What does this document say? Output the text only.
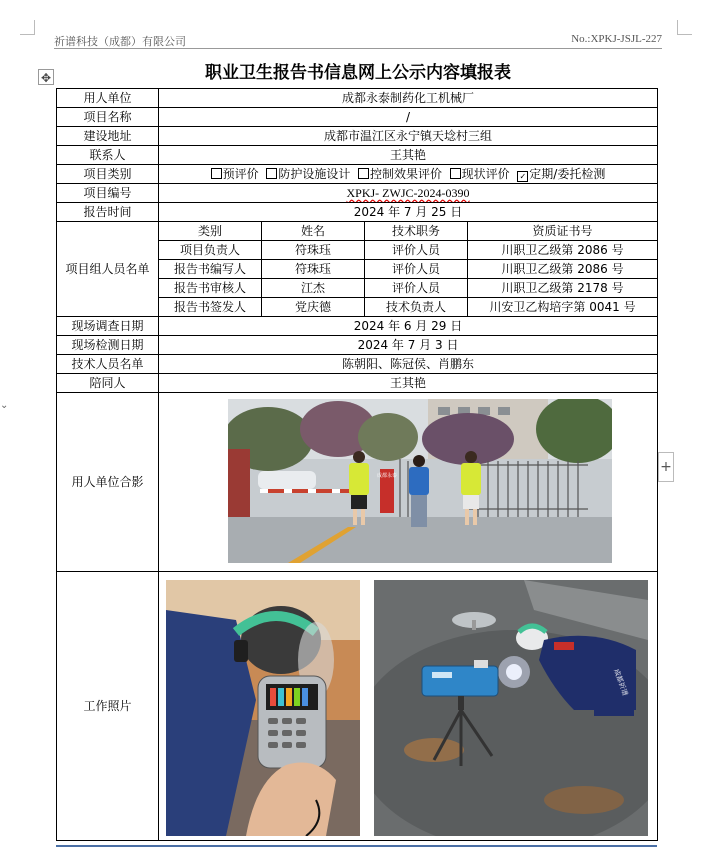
祈谱科技（成都）有限公司	No.:XPKJ-JSJL-227
⌄
职业卫生报告书信息网上公示内容填报表
✥
+
用人单位	成都永泰制药化工机械厂			
项目名称	/			
建设地址	成都市温江区永宁镇天埝村三组			
联系人	王其艳			
项目类别	预评价 防护设施设计 控制效果评价 现状评价 ✓ 定期/委托检测			
项目编号	XPKJ- ZWJC-2024-0390			
报告时间	2024 年 7 月 25 日			
项目组人员名单	类别	姓名	技术职务	资质证书号
	项目负责人	符珠珏	评价人员	川职卫乙级第 2086 号
	报告书编写人	符珠珏	评价人员	川职卫乙级第 2086 号
	报告书审核人	江杰	评价人员	川职卫乙级第 2178 号
	报告书签发人	党庆德	技术负责人	川安卫乙构培字第 0041 号
现场调查日期	2024 年 6 月 29 日			
现场检测日期	2024 年 7 月 3 日			
技术人员名单	陈朝阳、陈冠侯、肖鹏东			
陪同人	王其艳			
用人单位合影	成都永泰			

工作照片	成都祈谱			
